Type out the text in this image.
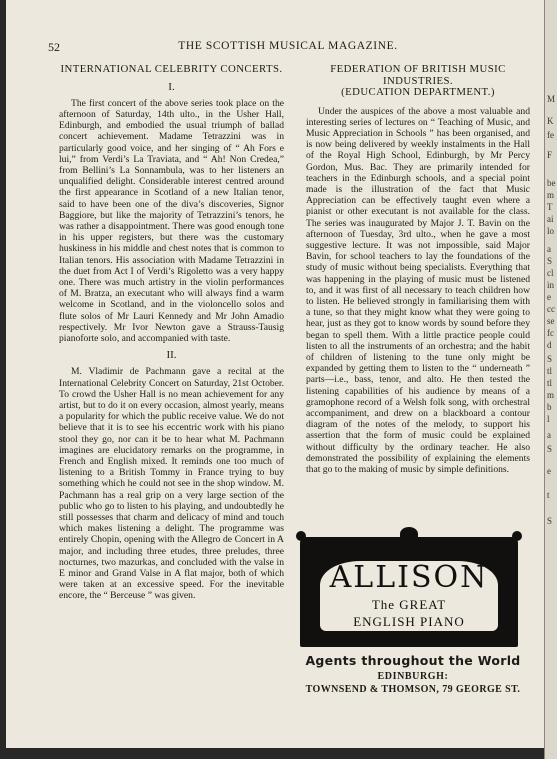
52	THE SCOTTISH MUSICAL MAGAZINE.
INTERNATIONAL CELEBRITY CONCERTS.
I.

The first concert of the above series took place on the afternoon of Saturday, 14th ulto., in the Usher Hall, Edinburgh, and embodied the usual triumph of ballad concert achievement. Madame Tetrazzini was in particularly good voice, and her singing of “ Ah Fors e lui,” from Verdi’s La Traviata, and “ Ah! Non Credea,” from Bellini’s La Sonnambula, was to her listeners an unqualified delight. Considerable interest centred around the first appearance in Scotland of a new Italian tenor, said to have been one of the diva’s discoveries, Signor Baggiore, but like the majority of Tetrazzini’s tenors, he was rather a disappointment. There was good enough tone in his upper registers, but there was the customary huskiness in his middle and chest notes that is common to Italian tenors. His association with Madame Tetrazzini in the duet from Act I of Verdi’s Rigoletto was a very happy one. There was much artistry in the violin performances of M. Bratza, an executant who will always find a warm welcome in Scotland, and in the violoncello solos and flute solos of Mr Lauri Kennedy and Mr John Amadio respectively. Mr Ivor Newton gave a Strauss-Tausig pianoforte solo, and accompanied with taste.

II.

M. Vladimir de Pachmann gave a recital at the International Celebrity Concert on Saturday, 21st October. To crowd the Usher Hall is no mean achievement for any artist, but to do it on every occasion, almost yearly, means a popularity for which the public receive value. We do not believe that it is to see his eccentric work with his piano stool they go, nor can it be to hear what M. Pachmann imagines are elucidatory remarks on the programme, in French and English mixed. It reminds one too much of listening to a British Tommy in France trying to buy something which he could not see in the shop window. M. Pachmann has a real grip on a very large section of the public who go to listen to his playing, and undoubtedly he still possesses that charm and delicacy of mind and touch which makes listening a delight. The programme was entirely Chopin, opening with the Allegro de Concert in A major, and including three etudes, three preludes, three nocturnes, two mazurkas, and concluded with the valse in E minor and Grand Valse in A flat major, both of which were taken at an excessive speed. For the inevitable encore, the “ Berceuse ” was given.

FEDERATION OF BRITISH MUSIC INDUSTRIES.
(EDUCATION DEPARTMENT.)

Under the auspices of the above a most valuable and interesting series of lectures on “ Teaching of Music, and Music Appreciation in Schools ” has been organised, and is now being delivered by weekly instalments in the Hall of the Royal High School, Edinburgh, by Mr Percy Gordon, Mus. Bac. They are primarily intended for teachers in the Edinburgh schools, and a special point made is the illustration of the fact that Music Appreciation can be effectively taught even where a pianist or other executant is not available for the class. The series was inaugurated by Major J. T. Bavin on the afternoon of Tuesday, 3rd ulto., when he gave a most suggestive lecture. It was not impossible, said Major Bavin, for school teachers to lay the foundations of the study of music without being specialists. Everything that was happening in the playing of music must be listened to, and it was first of all necessary to teach children how to listen. He believed strongly in familiarising them with a tune, so that they might know what they were going to hear, just as they got to know words by sound before they began to spell them. With a little practice people could listen to all the instruments of an orchestra; and the habit of children of listening to the tune only might be expanded by getting them to listen to the “ underneath ” parts—i.e., bass, tenor, and alto. He then tested the listening capabilities of his audience by means of a gramophone record of a Welsh folk song, with orchestral accompaniment, and drew on a blackboard a contour diagram of the notes of the melody, to support his assertion that the form of music could be explained without difficulty by the ordinary teacher. He also demonstrated the possibility of explaining the elements that go to the making of music by simple definitions.

ALLISON
The GREAT
ENGLISH PIANO
Agents throughout the World
EDINBURGH:
TOWNSEND & THOMSON, 79 GEORGE ST.
M
K
fe
F
be
m
T
ai
lo
a
S
cl
in
e
cc
se
fc
d
S
tl
tl
m
b
l
a
S
e
t
S
